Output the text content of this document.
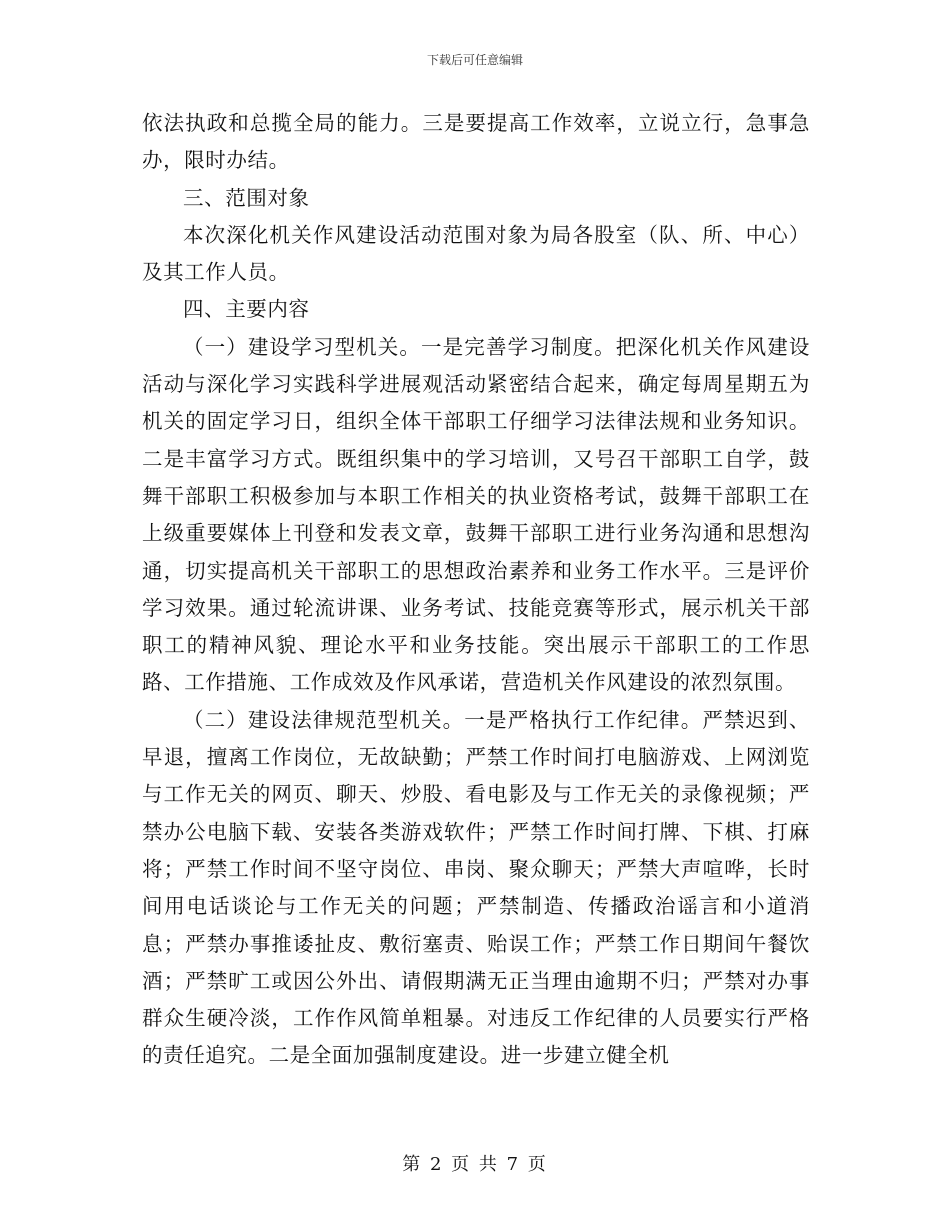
下载后可任意编辑

依法执政和总揽全局的能力。三是要提高工作效率，立说立行，急事急办，限时办结。

三、范围对象

本次深化机关作风建设活动范围对象为局各股室（队、所、中心）及其工作人员。

四、主要内容

（一）建设学习型机关。一是完善学习制度。把深化机关作风建设活动与深化学习实践科学进展观活动紧密结合起来，确定每周星期五为机关的固定学习日，组织全体干部职工仔细学习法律法规和业务知识。二是丰富学习方式。既组织集中的学习培训，又号召干部职工自学，鼓舞干部职工积极参加与本职工作相关的执业资格考试，鼓舞干部职工在上级重要媒体上刊登和发表文章，鼓舞干部职工进行业务沟通和思想沟通，切实提高机关干部职工的思想政治素养和业务工作水平。三是评价学习效果。通过轮流讲课、业务考试、技能竞赛等形式，展示机关干部职工的精神风貌、理论水平和业务技能。突出展示干部职工的工作思路、工作措施、工作成效及作风承诺，营造机关作风建设的浓烈氛围。

（二）建设法律规范型机关。一是严格执行工作纪律。严禁迟到、早退，擅离工作岗位，无故缺勤；严禁工作时间打电脑游戏、上网浏览与工作无关的网页、聊天、炒股、看电影及与工作无关的录像视频；严禁办公电脑下载、安装各类游戏软件；严禁工作时间打牌、下棋、打麻将；严禁工作时间不坚守岗位、串岗、聚众聊天；严禁大声喧哗，长时间用电话谈论与工作无关的问题；严禁制造、传播政治谣言和小道消息；严禁办事推诿扯皮、敷衍塞责、贻误工作；严禁工作日期间午餐饮酒；严禁旷工或因公外出、请假期满无正当理由逾期不归；严禁对办事群众生硬冷淡，工作作风简单粗暴。对违反工作纪律的人员要实行严格的责任追究。二是全面加强制度建设。进一步建立健全机

第 2 页 共 7 页
